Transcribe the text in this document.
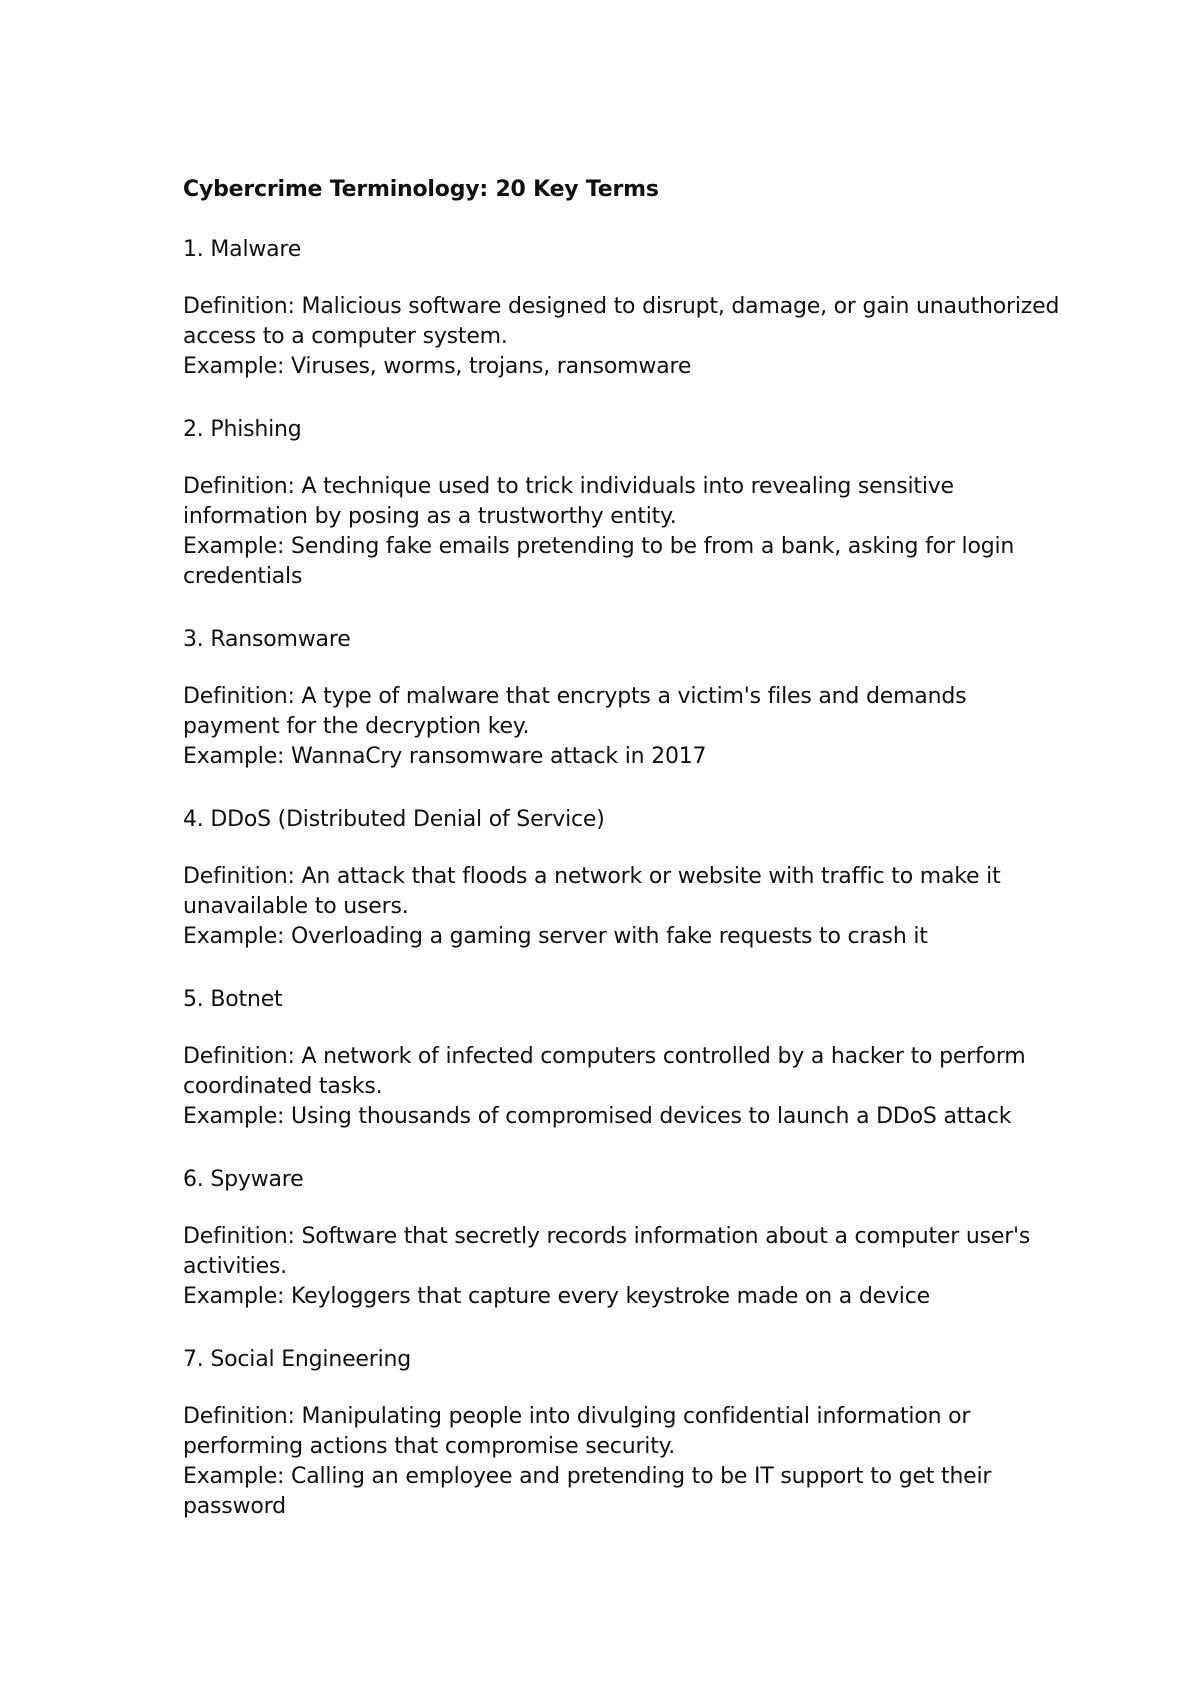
Cybercrime Terminology: 20 Key Terms
1. Malware

Definition: Malicious software designed to disrupt, damage, or gain unauthorized access to a computer system.

Example: Viruses, worms, trojans, ransomware

2. Phishing

Definition: A technique used to trick individuals into revealing sensitive information by posing as a trustworthy entity.

Example: Sending fake emails pretending to be from a bank, asking for login credentials

3. Ransomware

Definition: A type of malware that encrypts a victim's files and demands payment for the decryption key.

Example: WannaCry ransomware attack in 2017

4. DDoS (Distributed Denial of Service)

Definition: An attack that floods a network or website with traffic to make it unavailable to users.

Example: Overloading a gaming server with fake requests to crash it

5. Botnet

Definition: A network of infected computers controlled by a hacker to perform coordinated tasks.

Example: Using thousands of compromised devices to launch a DDoS attack

6. Spyware

Definition: Software that secretly records information about a computer user's activities.

Example: Keyloggers that capture every keystroke made on a device

7. Social Engineering

Definition: Manipulating people into divulging confidential information or performing actions that compromise security.

Example: Calling an employee and pretending to be IT support to get their password
